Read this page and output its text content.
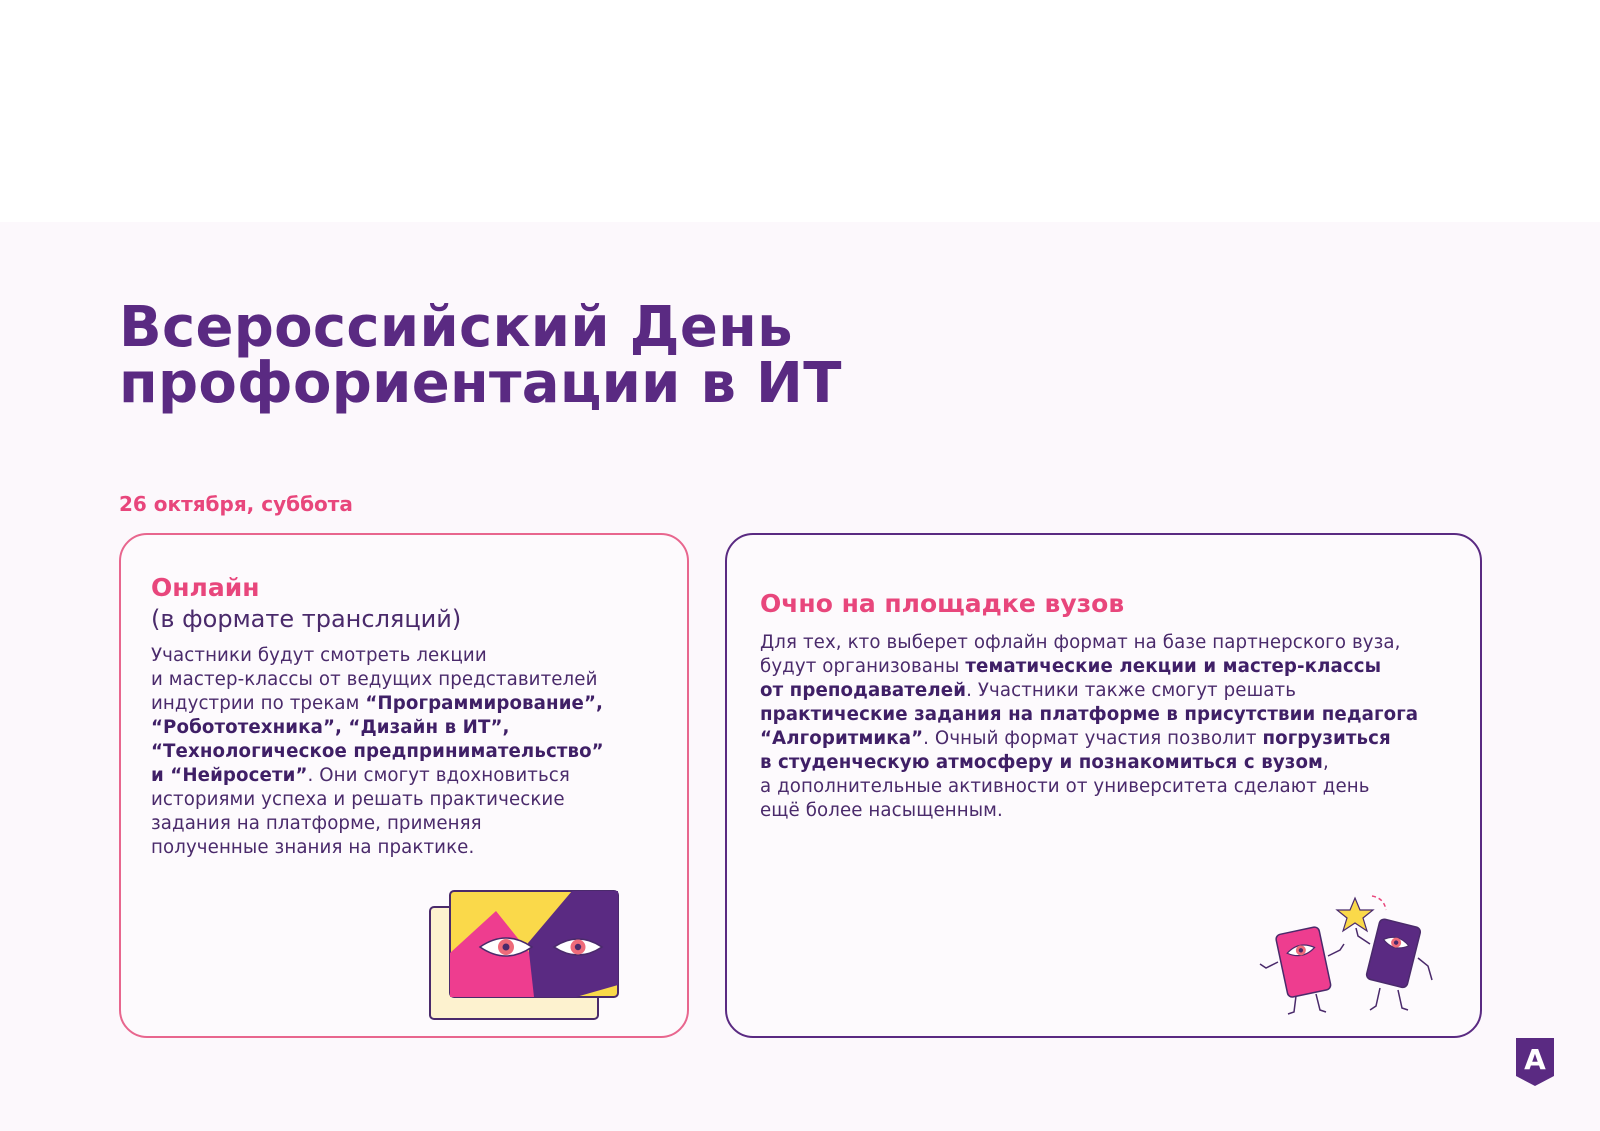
Всероссийский День
профориентации в ИТ
26 октября, суббота
Онлайн
(в формате трансляций)
Участники будут смотреть лекции
и мастер-классы от ведущих представителей
индустрии по трекам “Программирование”,
“Робототехника”, “Дизайн в ИТ”,
“Технологическое предпринимательство”
и “Нейросети”. Они смогут вдохновиться
историями успеха и решать практические
задания на платформе, применяя
полученные знания на практике.
Очно на площадке вузов
Для тех, кто выберет офлайн формат на базе партнерского вуза,
будут организованы тематические лекции и мастер-классы
от преподавателей. Участники также смогут решать
практические задания на платформе в присутствии педагога
“Алгоритмика”. Очный формат участия позволит погрузиться
в студенческую атмосферу и познакомиться с вузом,
а дополнительные активности от университета сделают день
ещё более насыщенным.
A
